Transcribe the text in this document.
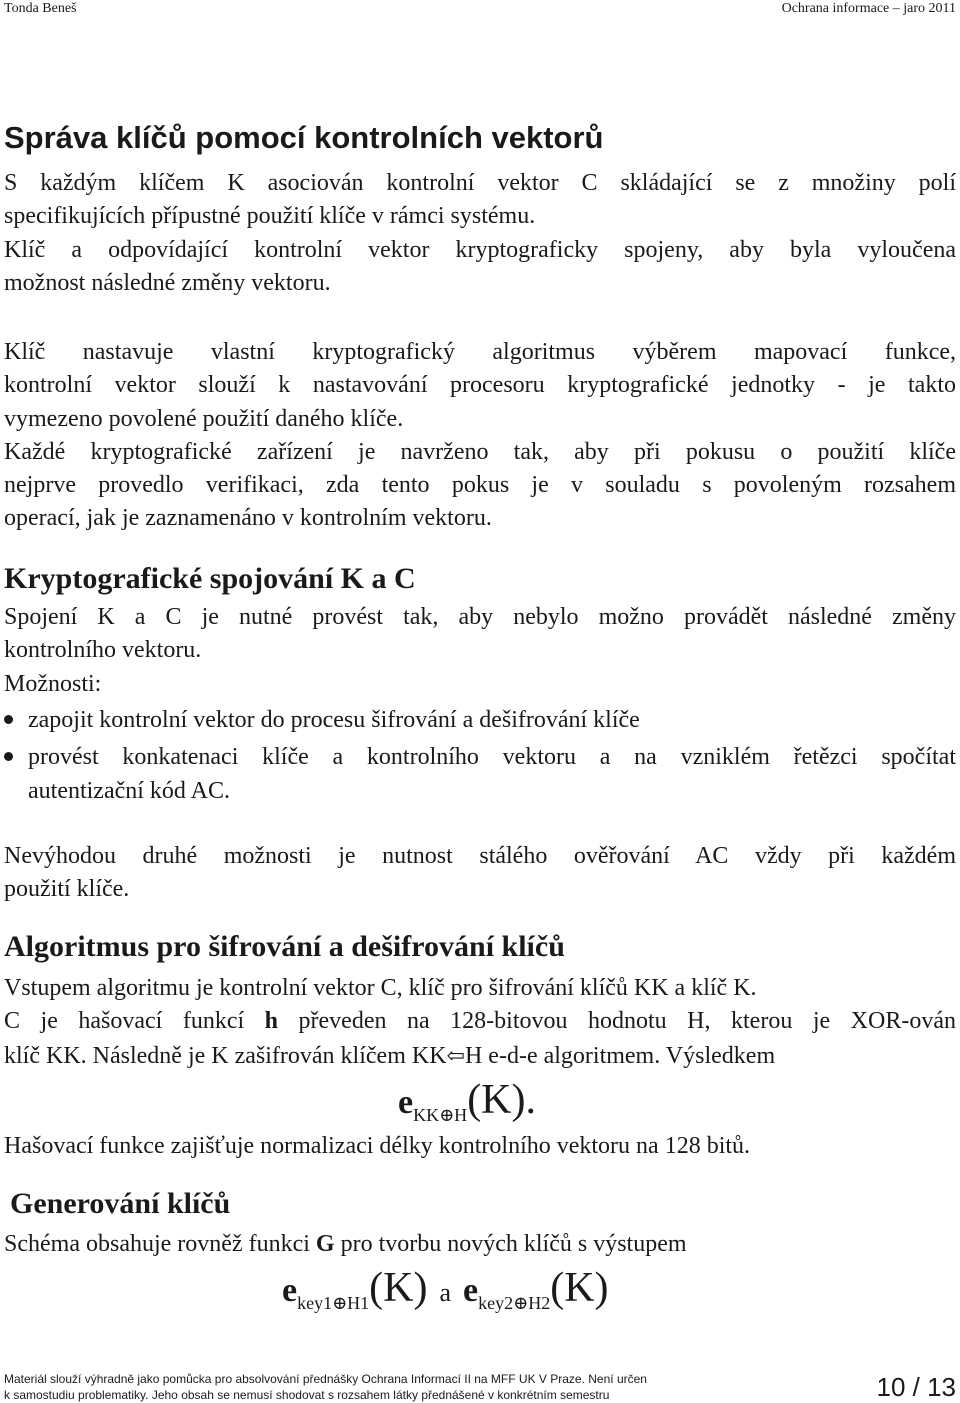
Tonda Beneš	Ochrana informace – jaro 2011
Správa klíčů pomocí kontrolních vektorů

S každým klíčem K asociován kontrolní vektor C skládající se z množiny polí
specifikujících přípustné použití klíče v rámci systému.
Klíč a odpovídající kontrolní vektor kryptograficky spojeny, aby byla vyloučena
možnost následné změny vektoru.

Klíč nastavuje vlastní kryptografický algoritmus výběrem mapovací funkce,
kontrolní vektor slouží k nastavování procesoru kryptografické jednotky - je takto
vymezeno povolené použití daného klíče.
Každé kryptografické zařízení je navrženo tak, aby při pokusu o použití klíče
nejprve provedlo verifikaci, zda tento pokus je v souladu s povoleným rozsahem
operací, jak je zaznamenáno v kontrolním vektoru.

Kryptografické spojování K a C

Spojení K a C je nutné provést tak, aby nebylo možno provádět následné změny
kontrolního vektoru.
Možnosti:

zapojit kontrolní vektor do procesu šifrování a dešifrování klíče
provést konkatenaci klíče a kontrolního vektoru a na vzniklém řetězci spočítat
autentizační kód AC.

Nevýhodou druhé možnosti je nutnost stálého ověřování AC vždy při každém
použití klíče.

Algoritmus pro šifrování a dešifrování klíčů

Vstupem algoritmu je kontrolní vektor C, klíč pro šifrování klíčů KK a klíč K.
C je hašovací funkcí h převeden na 128-bitovou hodnotu H, kterou je XOR-ován
klíč KK. Následně je K zašifrován klíčem KK⇦H e-d-e algoritmem. Výsledkem

eKK⊕H(K).

Hašovací funkce zajišťuje normalizaci délky kontrolního vektoru na 128 bitů.

Generování klíčů

Schéma obsahuje rovněž funkci G pro tvorbu nových klíčů s výstupem

ekey1⊕H1(K) a ekey2⊕H2(K)
Materiál slouží výhradně jako pomůcka pro absolvování přednášky Ochrana Informací II na MFF UK V Praze. Není určen
k samostudiu problematiky. Jeho obsah se nemusí shodovat s rozsahem látky přednášené v konkrétním semestru	10 / 13
